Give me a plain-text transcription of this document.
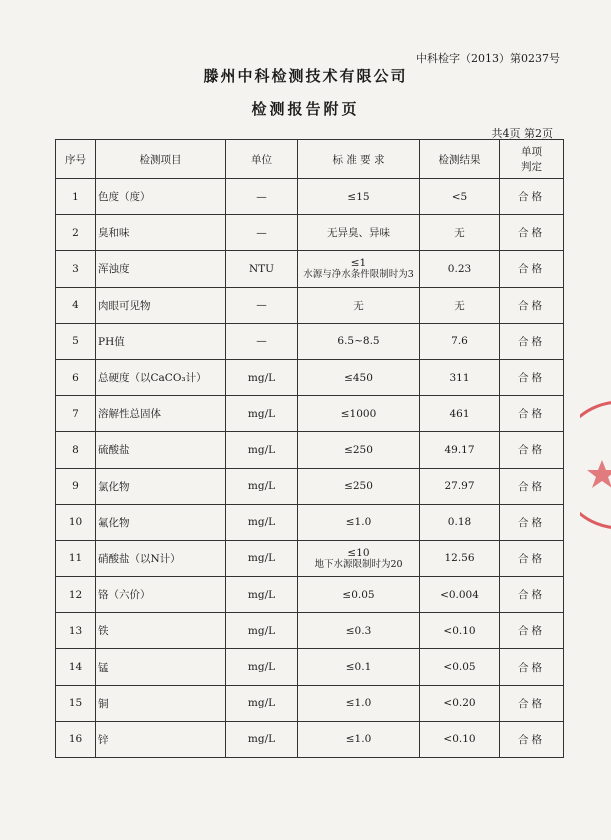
中科检字（2013）第0237号
滕州中科检测技术有限公司
检测报告附页
共4页 第2页
序号	检测项目	单位	标 准 要 求	检测结果	单项
判定
1	色度（度）	—	≤15	<5	合格
2	臭和味	—	无异臭、异味	无	合格
3	浑浊度	NTU	≤1
水源与净水条件限制时为3	0.23	合格
4	肉眼可见物	—	无	无	合格
5	PH值	—	6.5~8.5	7.6	合格
6	总硬度（以CaCO₃计）	mg/L	≤450	311	合格
7	溶解性总固体	mg/L	≤1000	461	合格
8	硫酸盐	mg/L	≤250	49.17	合格
9	氯化物	mg/L	≤250	27.97	合格
10	氟化物	mg/L	≤1.0	0.18	合格
11	硝酸盐（以N计）	mg/L	≤10
地下水源限制时为20	12.56	合格
12	铬（六价）	mg/L	≤0.05	<0.004	合格
13	铁	mg/L	≤0.3	<0.10	合格
14	锰	mg/L	≤0.1	<0.05	合格
15	铜	mg/L	≤1.0	<0.20	合格
16	锌	mg/L	≤1.0	<0.10	合格
